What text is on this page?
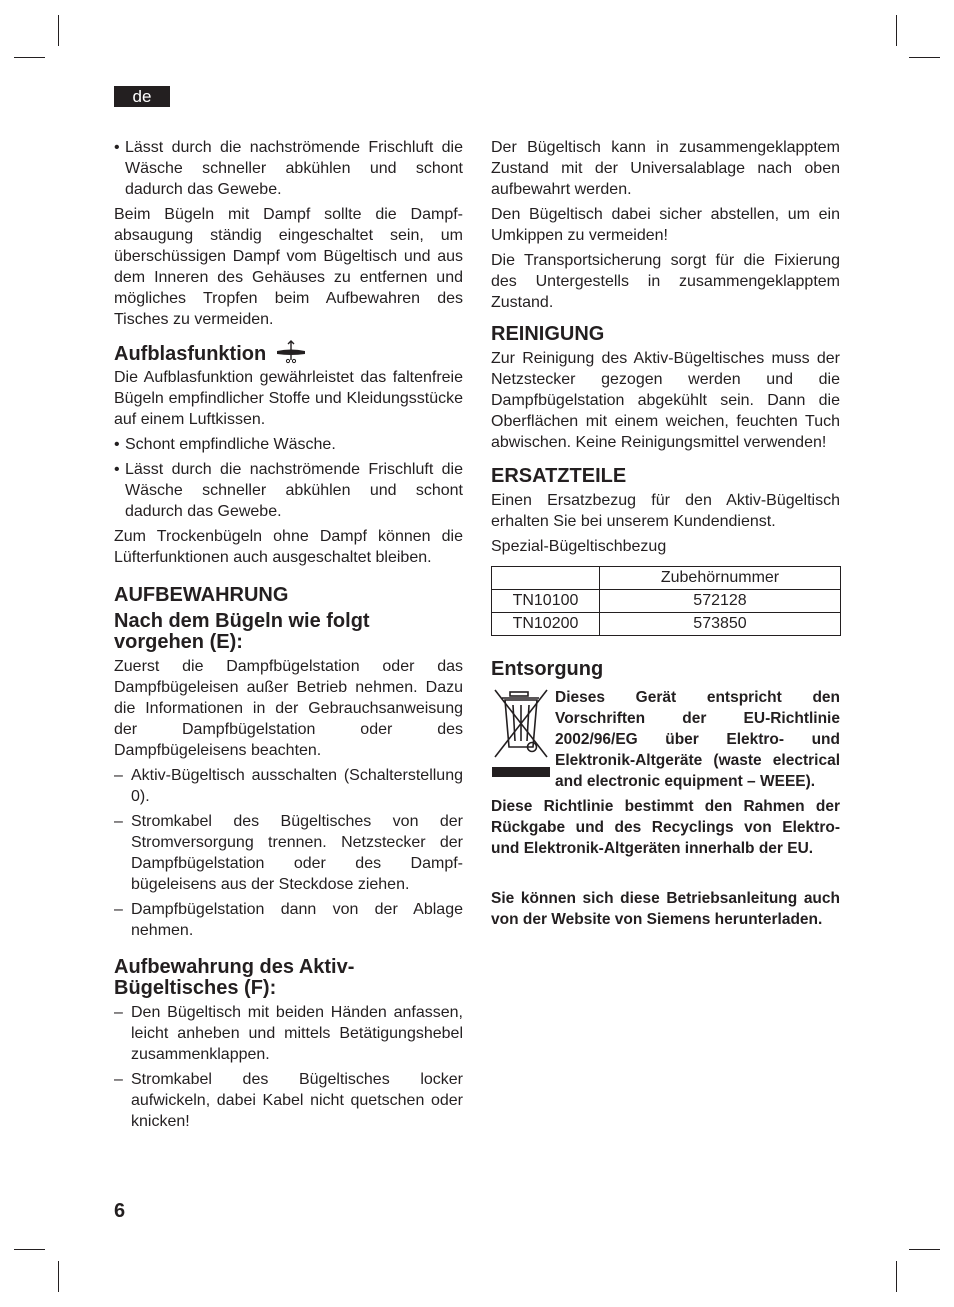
de
• Lässt durch die nachströmende Frischluft die Wäsche schneller abkühlen und schont dadurch das Gewebe.

Beim Bügeln mit Dampf sollte die Dampf-absaugung ständig eingeschaltet sein, um überschüssigen Dampf vom Bügeltisch und aus dem Inneren des Gehäuses zu entfernen und mögliches Tropfen beim Aufbewahren des Tisches zu vermeiden.

Aufblasfunktion

Die Aufblasfunktion gewährleistet das faltenfreie Bügeln empfindlicher Stoffe und Kleidungsstücke auf einem Luftkissen.

• Schont empfindliche Wäsche.
• Lässt durch die nachströmende Frischluft die Wäsche schneller abkühlen und schont dadurch das Gewebe.

Zum Trockenbügeln ohne Dampf können die Lüfterfunktionen auch ausgeschaltet bleiben.

AUFBEWAHRUNG
Nach dem Bügeln wie folgt vorgehen (E):

Zuerst die Dampfbügelstation oder das Dampfbügeleisen außer Betrieb nehmen. Dazu die Informationen in der Gebrauchsanweisung der Dampfbügelstation oder des Dampfbügeleisens beachten.

– Aktiv-Bügeltisch ausschalten (Schalterstellung 0).
– Stromkabel des Bügeltisches von der Stromversorgung trennen. Netzstecker der Dampfbügelstation oder des Dampf-bügeleisens aus der Steckdose ziehen.
– Dampfbügelstation dann von der Ablage nehmen.
Aufbewahrung des Aktiv-Bügeltisches (F):
– Den Bügeltisch mit beiden Händen anfassen, leicht anheben und mittels Betätigungshebel zusammenklappen.
– Stromkabel des Bügeltisches locker aufwickeln, dabei Kabel nicht quetschen oder knicken!

Der Bügeltisch kann in zusammengeklapptem Zustand mit der Universalablage nach oben aufbewahrt werden.

Den Bügeltisch dabei sicher abstellen, um ein Umkippen zu vermeiden!

Die Transportsicherung sorgt für die Fixierung des Untergestells in zusammengeklapptem Zustand.

REINIGUNG

Zur Reinigung des Aktiv-Bügeltisches muss der Netzstecker gezogen werden und die Dampfbügelstation abgekühlt sein. Dann die Oberflächen mit einem weichen, feuchten Tuch abwischen. Keine Reinigungsmittel verwenden!

ERSATZTEILE

Einen Ersatzbezug für den Aktiv-Bügeltisch erhalten Sie bei unserem Kundendienst.

Spezial-Bügeltischbezug

	Zubehörnummer
TN10100	572128
TN10200	573850
Entsorgung

Dieses Gerät entspricht den Vorschriften der EU-Richtlinie 2002/96/EG über Elektro- und Elektronik-Altgeräte (waste electrical and electronic equipment – WEEE).

Diese Richtlinie bestimmt den Rahmen der Rückgabe und des Recyclings von Elektro- und Elektronik-Altgeräten innerhalb der EU.

Sie können sich diese Betriebsanleitung auch von der Website von Siemens herunterladen.

6
